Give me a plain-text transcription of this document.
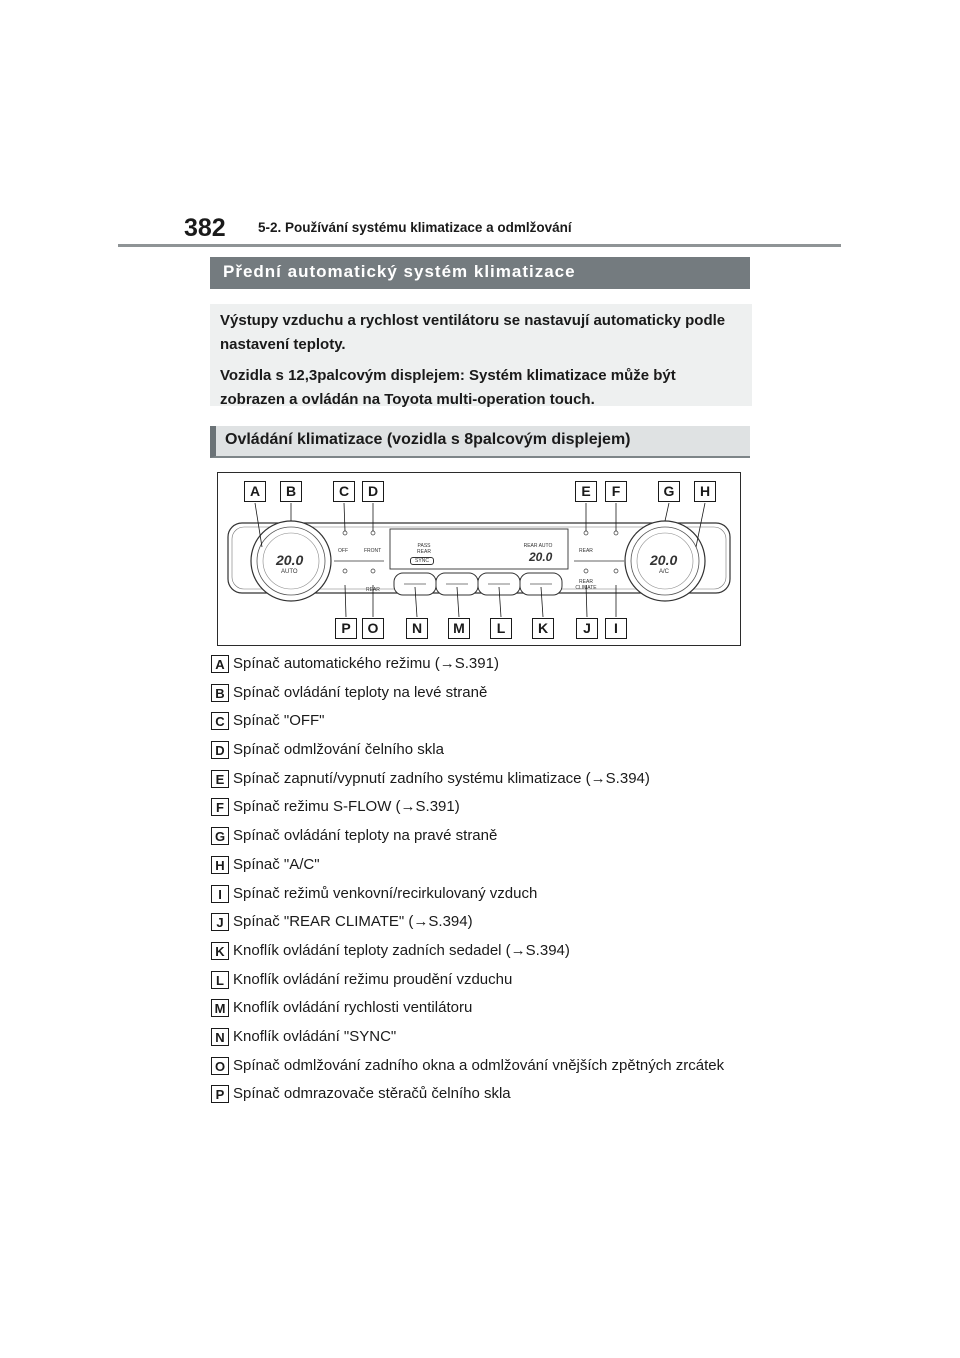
382 5-2. Používání systému klimatizace a odmlžování
Přední automatický systém klimatizace

Výstupy vzduchu a rychlost ventilátoru se nastavují automaticky podle nastavení teploty.

Vozidla s 12,3palcovým displejem: Systém klimatizace může být zobrazen a ovládán na Toyota multi-operation touch.

Ovládání klimatizace (vozidla s 8palcovým displejem)
A	B	C	D	E	F	G	H
P	O	N	M	L	K	J	I
20.0
AUTO
20.0
A/C
OFF	FRONT
REAR
PASS REAR
SYNC
REAR AUTO
20.0	REAR
REAR CLIMATE
A Spínač automatického režimu (→S.391)
B Spínač ovládání teploty na levé straně
C Spínač "OFF"
D Spínač odmlžování čelního skla
E Spínač zapnutí/vypnutí zadního systému klimatizace (→S.394)
F Spínač režimu S-FLOW (→S.391)
G Spínač ovládání teploty na pravé straně
H Spínač "A/C"
I Spínač režimů venkovní/recirkulovaný vzduch
J Spínač "REAR CLIMATE" (→S.394)
K Knoflík ovládání teploty zadních sedadel (→S.394)
L Knoflík ovládání režimu proudění vzduchu
M Knoflík ovládání rychlosti ventilátoru
N Knoflík ovládání "SYNC"
O Spínač odmlžování zadního okna a odmlžování vnějších zpětných zrcátek
P Spínač odmrazovače stěračů čelního skla
